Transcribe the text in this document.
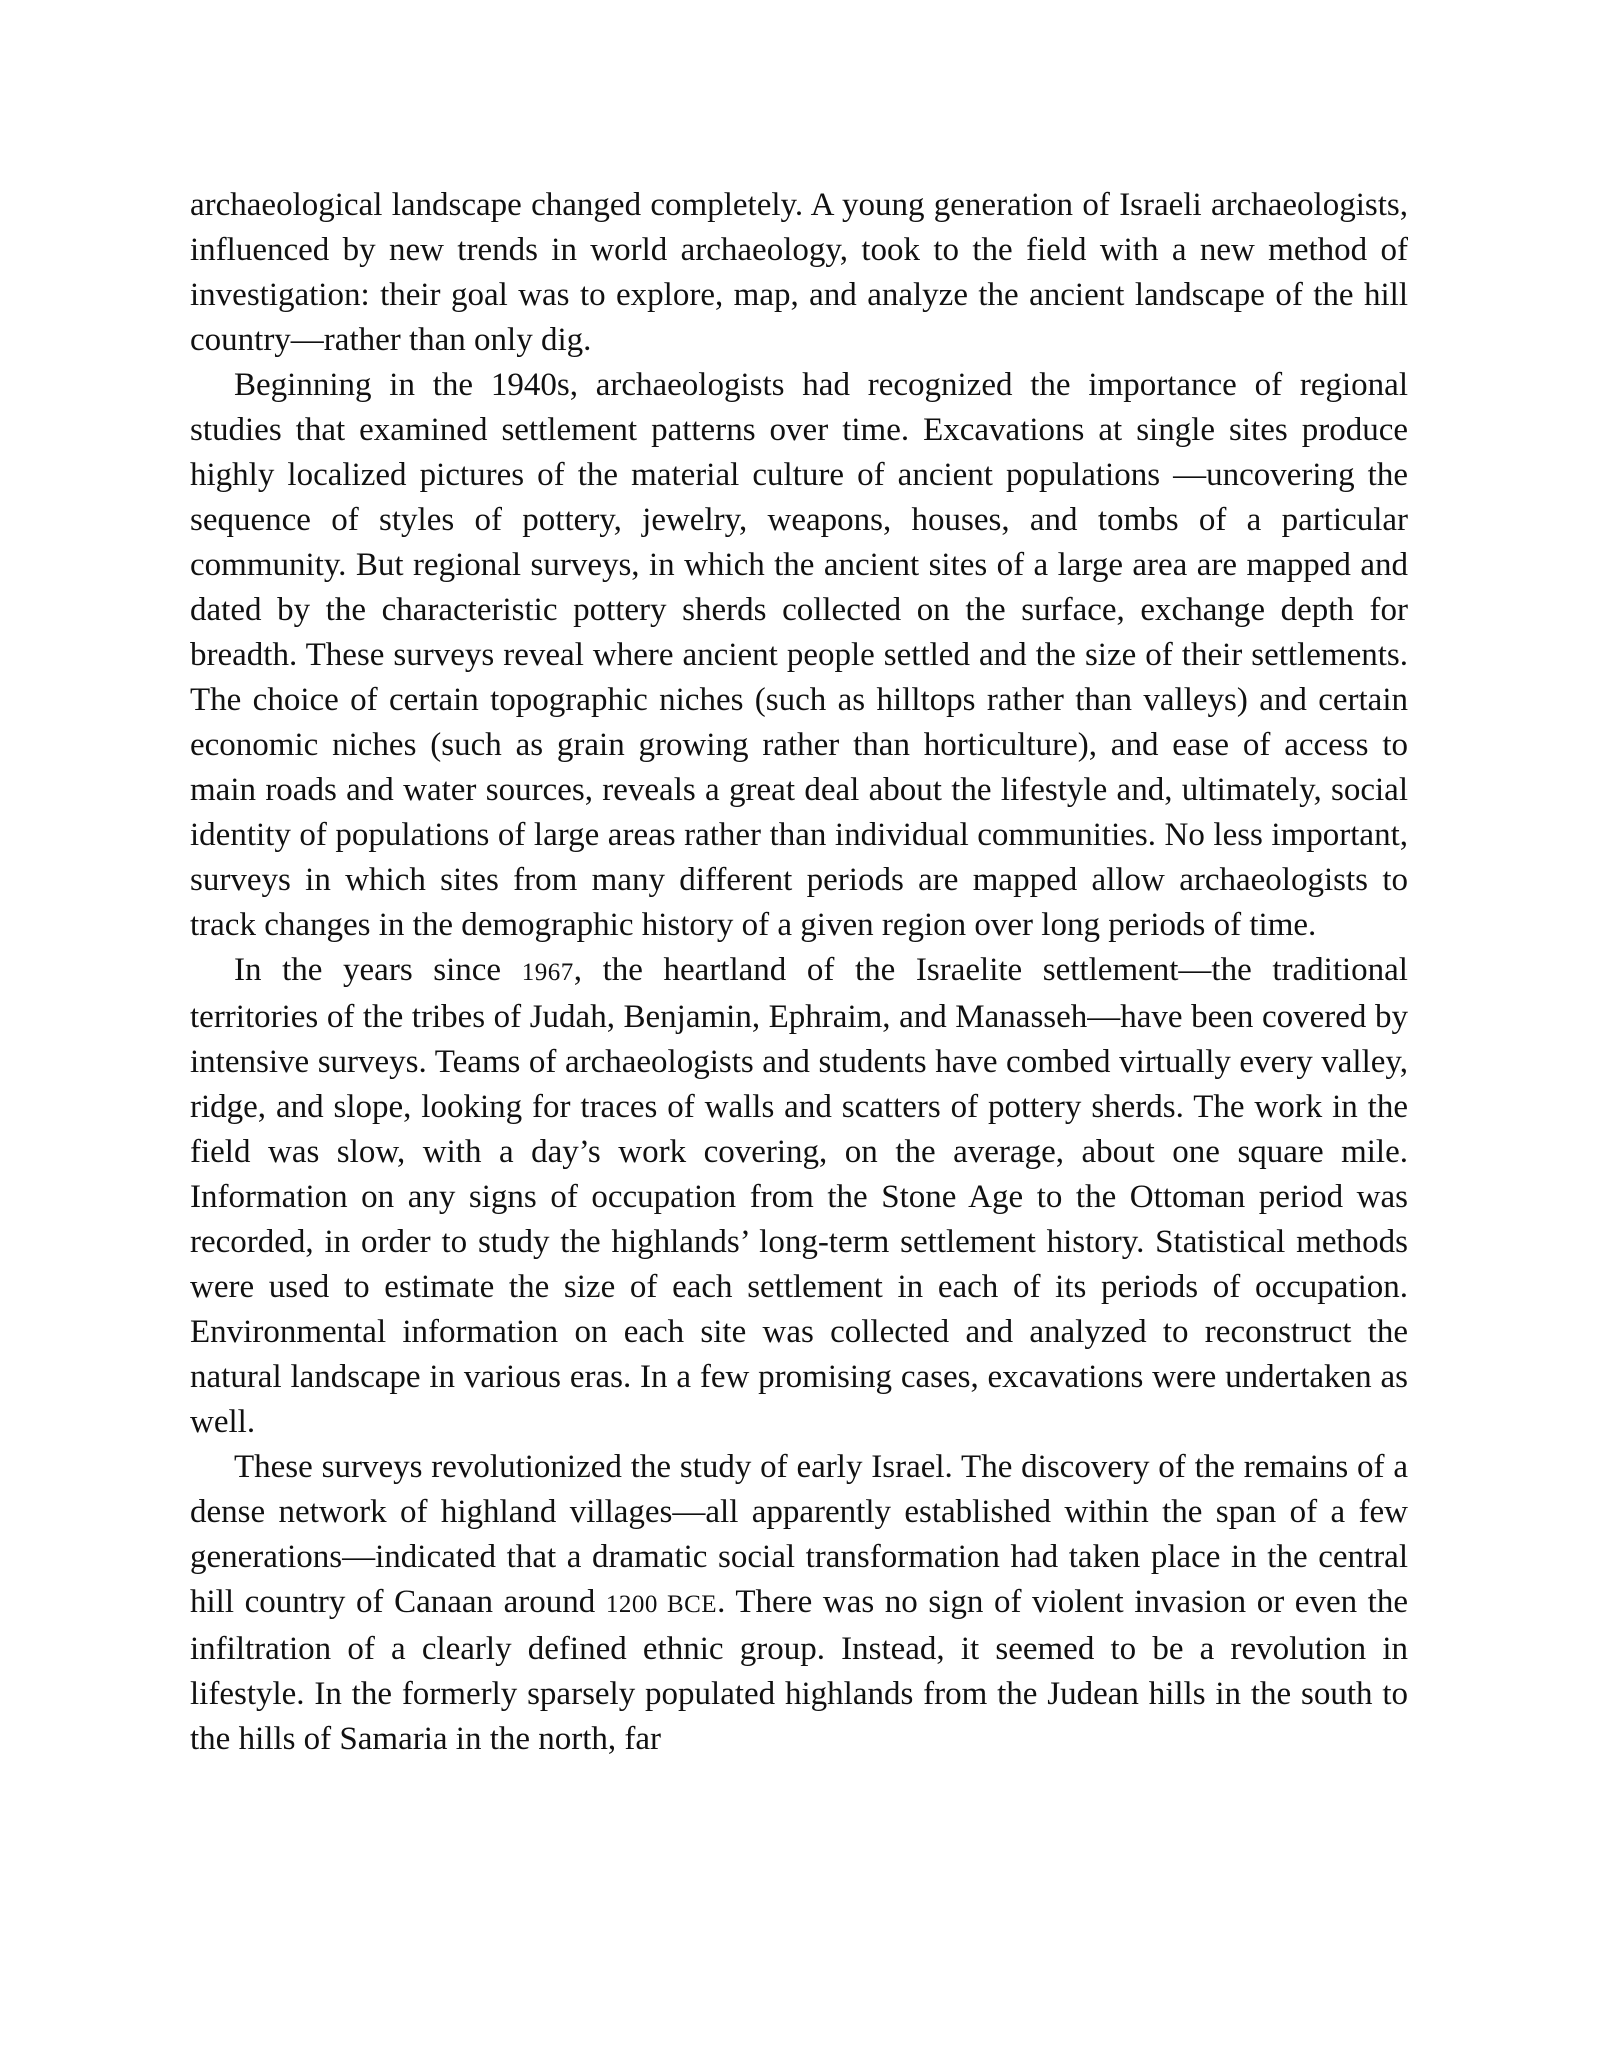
archaeological landscape changed completely. A young generation of Israeli archaeologists, influenced by new trends in world archaeology, took to the field with a new method of investigation: their goal was to explore, map, and analyze the ancient landscape of the hill country—rather than only dig.

Beginning in the 1940s, archaeologists had recognized the importance of regional studies that examined settlement patterns over time. Excavations at single sites produce highly localized pictures of the material culture of ancient populations —uncovering the sequence of styles of pottery, jewelry, weapons, houses, and tombs of a particular community. But regional surveys, in which the ancient sites of a large area are mapped and dated by the characteristic pottery sherds collected on the surface, exchange depth for breadth. These surveys reveal where ancient people settled and the size of their settlements. The choice of certain topographic niches (such as hilltops rather than valleys) and certain economic niches (such as grain growing rather than horticulture), and ease of access to main roads and water sources, reveals a great deal about the lifestyle and, ultimately, social identity of populations of large areas rather than individual communities. No less important, surveys in which sites from many different periods are mapped allow archaeologists to track changes in the demographic history of a given region over long periods of time.

In the years since 1967, the heartland of the Israelite settlement—the traditional territories of the tribes of Judah, Benjamin, Ephraim, and Manasseh—have been covered by intensive surveys. Teams of archaeologists and students have combed virtually every valley, ridge, and slope, looking for traces of walls and scatters of pottery sherds. The work in the field was slow, with a day’s work covering, on the average, about one square mile. Information on any signs of occupation from the Stone Age to the Ottoman period was recorded, in order to study the highlands’ long-term settlement history. Statistical methods were used to estimate the size of each settlement in each of its periods of occupation. Environmental information on each site was collected and analyzed to reconstruct the natural landscape in various eras. In a few promising cases, excavations were undertaken as well.

These surveys revolutionized the study of early Israel. The discovery of the remains of a dense network of highland villages—all apparently established within the span of a few generations—indicated that a dramatic social transformation had taken place in the central hill country of Canaan around 1200 BCE. There was no sign of violent invasion or even the infiltration of a clearly defined ethnic group. Instead, it seemed to be a revolution in lifestyle. In the formerly sparsely populated highlands from the Judean hills in the south to the hills of Samaria in the north, far
